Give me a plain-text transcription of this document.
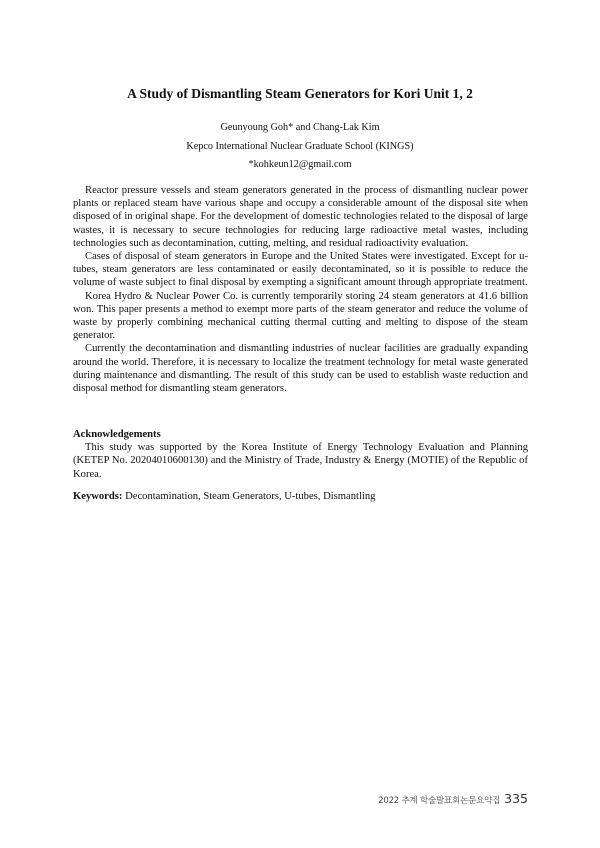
A Study of Dismantling Steam Generators for Kori Unit 1, 2
Geunyoung Goh* and Chang-Lak Kim
Kepco International Nuclear Graduate School (KINGS)
*kohkeun12@gmail.com

Reactor pressure vessels and steam generators generated in the process of dismantling nuclear power plants or replaced steam have various shape and occupy a considerable amount of the disposal site when disposed of in original shape. For the development of domestic technologies related to the disposal of large wastes, it is necessary to secure technologies for reducing large radioactive metal wastes, including technologies such as decontamination, cutting, melting, and residual radioactivity evaluation.

Cases of disposal of steam generators in Europe and the United States were investigated. Except for u-tubes, steam generators are less contaminated or easily decontaminated, so it is possible to reduce the volume of waste subject to final disposal by exempting a significant amount through appropriate treatment.

Korea Hydro & Nuclear Power Co. is currently temporarily storing 24 steam generators at 41.6 billion won. This paper presents a method to exempt more parts of the steam generator and reduce the volume of waste by properly combining mechanical cutting thermal cutting and melting to dispose of the steam generator.

Currently the decontamination and dismantling industries of nuclear facilities are gradually expanding around the world. Therefore, it is necessary to localize the treatment technology for metal waste generated during maintenance and dismantling. The result of this study can be used to establish waste reduction and disposal method for dismantling steam generators.

Acknowledgements

This study was supported by the Korea Institute of Energy Technology Evaluation and Planning (KETEP No. 20204010600130) and the Ministry of Trade, Industry & Energy (MOTIE) of the Republic of Korea.

Keywords: Decontamination, Steam Generators, U-tubes, Dismantling
2022 추계 학술발표회논문요약집 335
